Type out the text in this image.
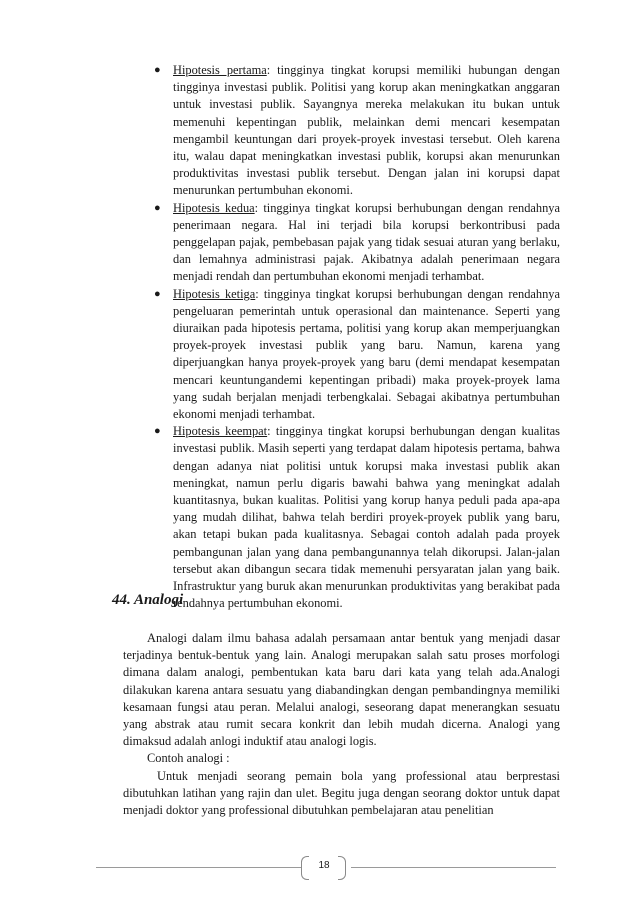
● Hipotesis pertama: tingginya tingkat korupsi memiliki hubungan dengan tingginya investasi publik. Politisi yang korup akan meningkatkan anggaran untuk investasi publik. Sayangnya mereka melakukan itu bukan untuk memenuhi kepentingan publik, melainkan demi mencari kesempatan mengambil keuntungan dari proyek-proyek investasi tersebut. Oleh karena itu, walau dapat meningkatkan investasi publik, korupsi akan menurunkan produktivitas investasi publik tersebut. Dengan jalan ini korupsi dapat menurunkan pertumbuhan ekonomi.
● Hipotesis kedua: tingginya tingkat korupsi berhubungan dengan rendahnya penerimaan negara. Hal ini terjadi bila korupsi berkontribusi pada penggelapan pajak, pembebasan pajak yang tidak sesuai aturan yang berlaku, dan lemahnya administrasi pajak. Akibatnya adalah penerimaan negara menjadi rendah dan pertumbuhan ekonomi menjadi terhambat.
● Hipotesis ketiga: tingginya tingkat korupsi berhubungan dengan rendahnya pengeluaran pemerintah untuk operasional dan maintenance. Seperti yang diuraikan pada hipotesis pertama, politisi yang korup akan memperjuangkan proyek-proyek investasi publik yang baru. Namun, karena yang diperjuangkan hanya proyek-proyek yang baru (demi mendapat kesempatan mencari keuntungandemi kepentingan pribadi) maka proyek-proyek lama yang sudah berjalan menjadi terbengkalai. Sebagai akibatnya pertumbuhan ekonomi menjadi terhambat.
● Hipotesis keempat: tingginya tingkat korupsi berhubungan dengan kualitas investasi publik. Masih seperti yang terdapat dalam hipotesis pertama, bahwa dengan adanya niat politisi untuk korupsi maka investasi publik akan meningkat, namun perlu digaris bawahi bahwa yang meningkat adalah kuantitasnya, bukan kualitas. Politisi yang korup hanya peduli pada apa-apa yang mudah dilihat, bahwa telah berdiri proyek-proyek publik yang baru, akan tetapi bukan pada kualitasnya. Sebagai contoh adalah pada proyek pembangunan jalan yang dana pembangunannya telah dikorupsi. Jalan-jalan tersebut akan dibangun secara tidak memenuhi persyaratan jalan yang baik. Infrastruktur yang buruk akan menurunkan produktivitas yang berakibat pada rendahnya pertumbuhan ekonomi.
44. Analogi

Analogi dalam ilmu bahasa adalah persamaan antar bentuk yang menjadi dasar terjadinya bentuk-bentuk yang lain. Analogi merupakan salah satu proses morfologi dimana dalam analogi, pembentukan kata baru dari kata yang telah ada.Analogi dilakukan karena antara sesuatu yang diabandingkan dengan pembandingnya memiliki kesamaan fungsi atau peran. Melalui analogi, seseorang dapat menerangkan sesuatu yang abstrak atau rumit secara konkrit dan lebih mudah dicerna. Analogi yang dimaksud adalah anlogi induktif atau analogi logis.

Contoh analogi :

Untuk menjadi seorang pemain bola yang professional atau berprestasi dibutuhkan latihan yang rajin dan ulet. Begitu juga dengan seorang doktor untuk dapat menjadi doktor yang professional dibutuhkan pembelajaran atau penelitian

18
